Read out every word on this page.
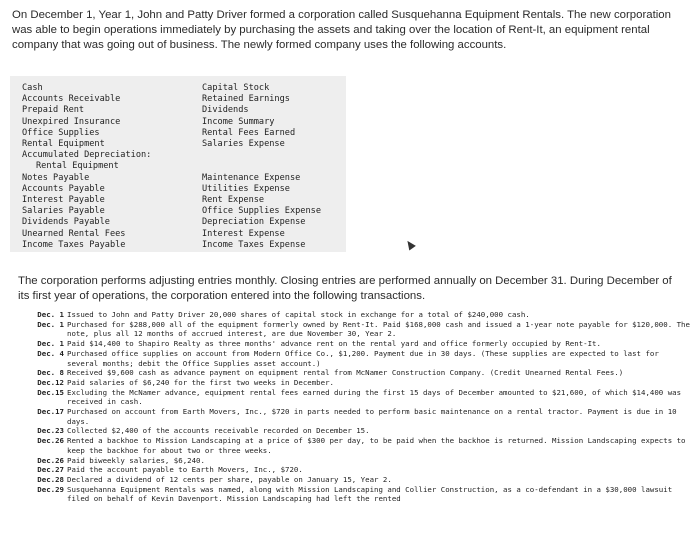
On December 1, Year 1, John and Patty Driver formed a corporation called Susquehanna Equipment Rentals. The new corporation was able to begin operations immediately by purchasing the assets and taking over the location of Rent-It, an equipment rental company that was going out of business. The newly formed company uses the following accounts.
Cash
Accounts Receivable
Prepaid Rent
Unexpired Insurance
Office Supplies
Rental Equipment
Accumulated Depreciation:
Rental Equipment
Notes Payable
Accounts Payable
Interest Payable
Salaries Payable
Dividends Payable
Unearned Rental Fees
Income Taxes Payable
Capital Stock
Retained Earnings
Dividends
Income Summary
Rental Fees Earned
Salaries Expense
Maintenance Expense
Utilities Expense
Rent Expense
Office Supplies Expense
Depreciation Expense
Interest Expense
Income Taxes Expense
The corporation performs adjusting entries monthly. Closing entries are performed annually on December 31. During December of its first year of operations, the corporation entered into the following transactions.
Dec. 1 Issued to John and Patty Driver 20,000 shares of capital stock in exchange for a total of $240,000 cash.
Dec. 1 Purchased for $288,000 all of the equipment formerly owned by Rent-It. Paid $168,000 cash and issued a 1-year note payable for $120,000. The note, plus all 12 months of accrued interest, are due November 30, Year 2.
Dec. 1 Paid $14,400 to Shapiro Realty as three months' advance rent on the rental yard and office formerly occupied by Rent-It.
Dec. 4 Purchased office supplies on account from Modern Office Co., $1,200. Payment due in 30 days. (These supplies are expected to last for several months; debit the Office Supplies asset account.)
Dec. 8 Received $9,600 cash as advance payment on equipment rental from McNamer Construction Company. (Credit Unearned Rental Fees.)
Dec.12 Paid salaries of $6,240 for the first two weeks in December.
Dec.15 Excluding the McNamer advance, equipment rental fees earned during the first 15 days of December amounted to $21,600, of which $14,400 was received in cash.
Dec.17 Purchased on account from Earth Movers, Inc., $720 in parts needed to perform basic maintenance on a rental tractor. Payment is due in 10 days.
Dec.23 Collected $2,400 of the accounts receivable recorded on December 15.
Dec.26 Rented a backhoe to Mission Landscaping at a price of $300 per day, to be paid when the backhoe is returned. Mission Landscaping expects to keep the backhoe for about two or three weeks.
Dec.26 Paid biweekly salaries, $6,240.
Dec.27 Paid the account payable to Earth Movers, Inc., $720.
Dec.28 Declared a dividend of 12 cents per share, payable on January 15, Year 2.
Dec.29 Susquehanna Equipment Rentals was named, along with Mission Landscaping and Collier Construction, as a co-defendant in a $30,000 lawsuit filed on behalf of Kevin Davenport. Mission Landscaping had left the rented
